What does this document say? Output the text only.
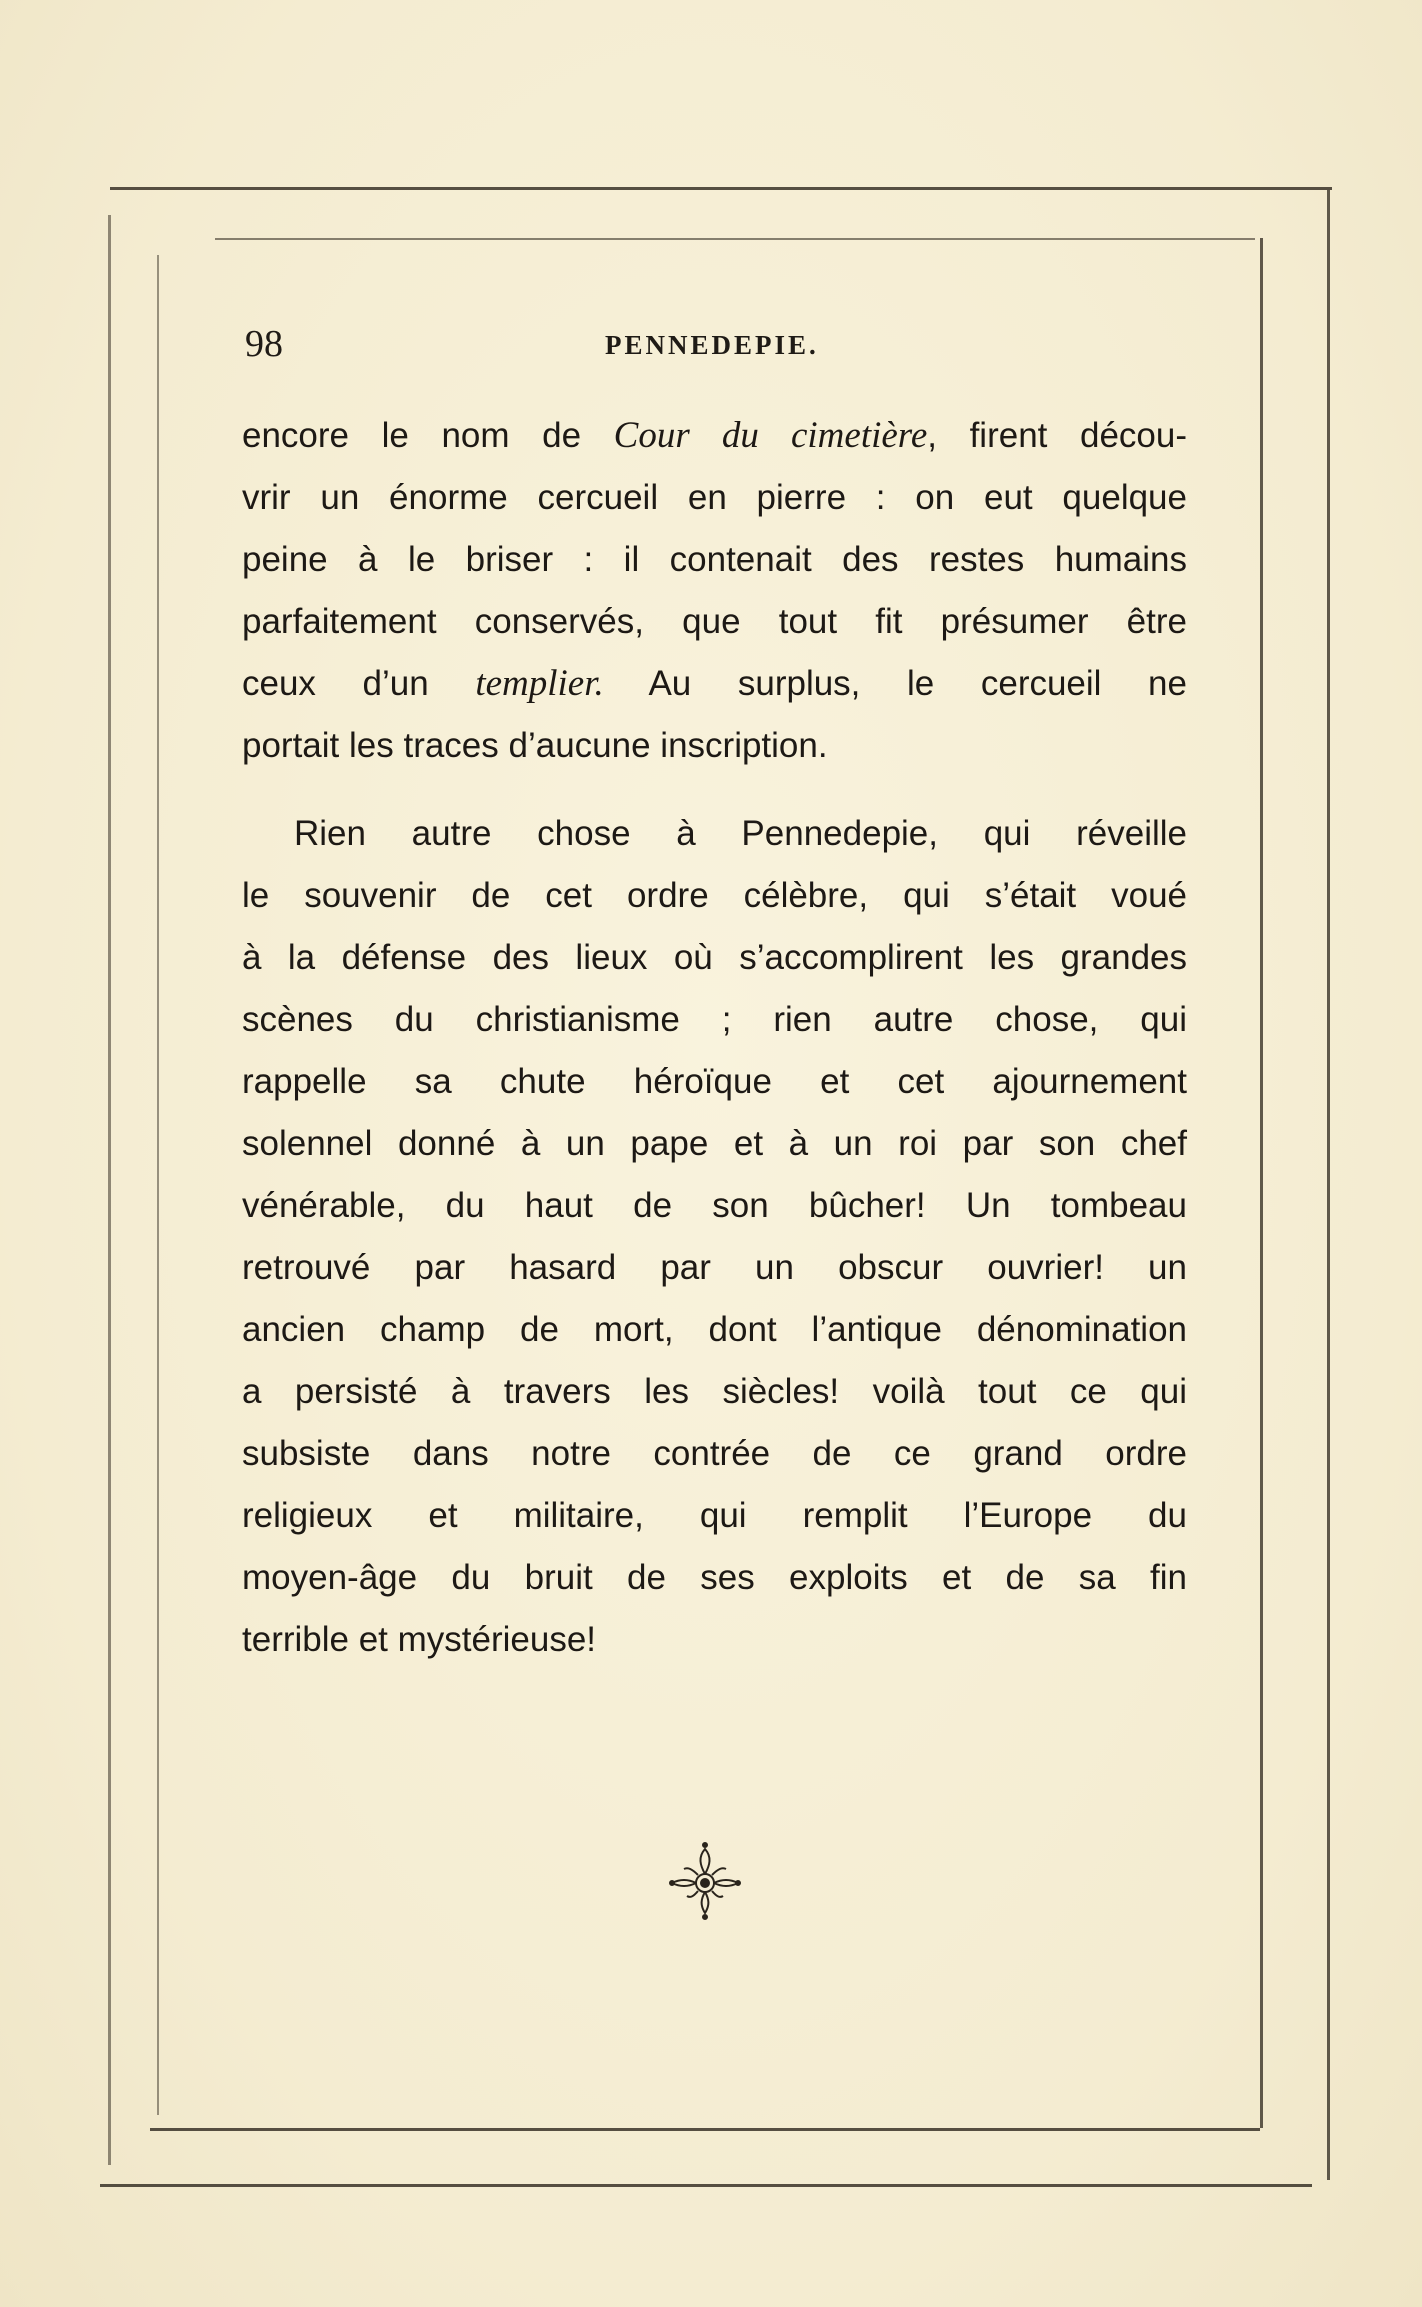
98	PENNEDEPIE.
encore le nom de Cour du cimetière, firent décou-
vrir un énorme cercueil en pierre : on eut quelque
peine à le briser : il contenait des restes humains
parfaitement conservés, que tout fit présumer être
ceux d’un templier. Au surplus, le cercueil ne
portait les traces d’aucune inscription.
Rien autre chose à Pennedepie, qui réveille
le souvenir de cet ordre célèbre, qui s’était voué
à la défense des lieux où s’accomplirent les grandes
scènes du christianisme ; rien autre chose, qui
rappelle sa chute héroïque et cet ajournement
solennel donné à un pape et à un roi par son chef
vénérable, du haut de son bûcher! Un tombeau
retrouvé par hasard par un obscur ouvrier! un
ancien champ de mort, dont l’antique dénomination
a persisté à travers les siècles! voilà tout ce qui
subsiste dans notre contrée de ce grand ordre
religieux et militaire, qui remplit l’Europe du
moyen-âge du bruit de ses exploits et de sa fin
terrible et mystérieuse!
